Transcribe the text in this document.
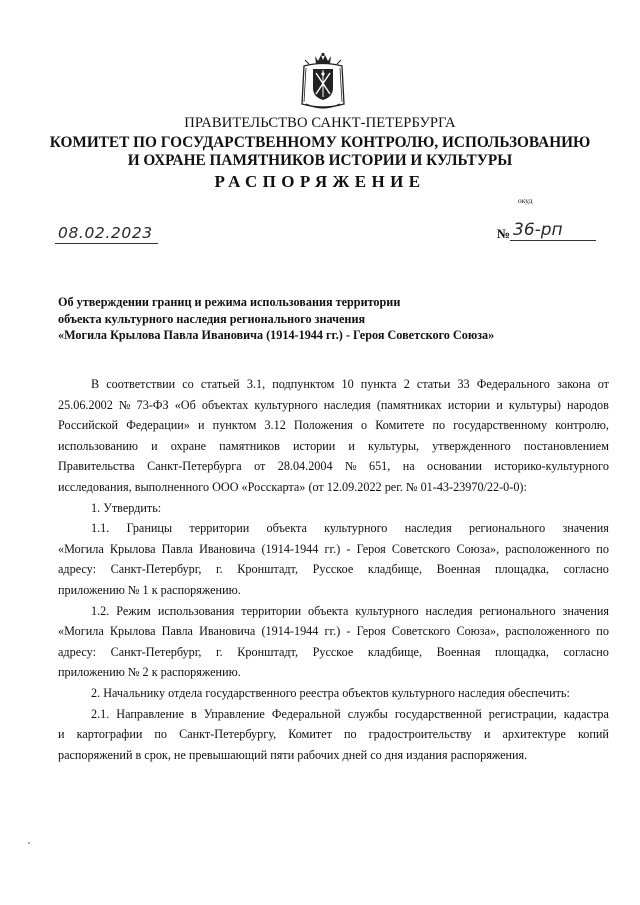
ПРАВИТЕЛЬСТВО САНКТ-ПЕТЕРБУРГА
КОМИТЕТ ПО ГОСУДАРСТВЕННОМУ КОНТРОЛЮ, ИСПОЛЬЗОВАНИЮ
И ОХРАНЕ ПАМЯТНИКОВ ИСТОРИИ И КУЛЬТУРЫ
РАСПОРЯЖЕНИЕ
окуд
08.02.2023	№ 36-рп
Об утверждении границ и режима использования территории
объекта культурного наследия регионального значения
«Могила Крылова Павла Ивановича (1914-1944 гг.) - Героя Советского Союза»
В соответствии со статьей 3.1, подпунктом 10 пункта 2 статьи 33 Федерального закона от
25.06.2002 № 73-ФЗ «Об объектах культурного наследия (памятниках истории и культуры) народов
Российской Федерации» и пунктом 3.12 Положения о Комитете по государственному контролю,
использованию и охране памятников истории и культуры, утвержденного постановлением
Правительства Санкт-Петербурга от 28.04.2004 № 651, на основании историко-культурного
исследования, выполненного ООО «Росскарта» (от 12.09.2022 рег. № 01-43-23970/22-0-0):
1. Утвердить:
1.1. Границы территории объекта культурного наследия регионального значения
«Могила Крылова Павла Ивановича (1914-1944 гг.) - Героя Советского Союза», расположенного по
адресу: Санкт-Петербург, г. Кронштадт, Русское кладбище, Военная площадка, согласно
приложению № 1 к распоряжению.
1.2. Режим использования территории объекта культурного наследия регионального значения
«Могила Крылова Павла Ивановича (1914-1944 гг.) - Героя Советского Союза», расположенного по
адресу: Санкт-Петербург, г. Кронштадт, Русское кладбище, Военная площадка, согласно
приложению № 2 к распоряжению.
2. Начальнику отдела государственного реестра объектов культурного наследия обеспечить:
2.1. Направление в Управление Федеральной службы государственной регистрации, кадастра
и картографии по Санкт-Петербургу, Комитет по градостроительству и архитектуре копий
распоряжений в срок, не превышающий пяти рабочих дней со дня издания распоряжения.
